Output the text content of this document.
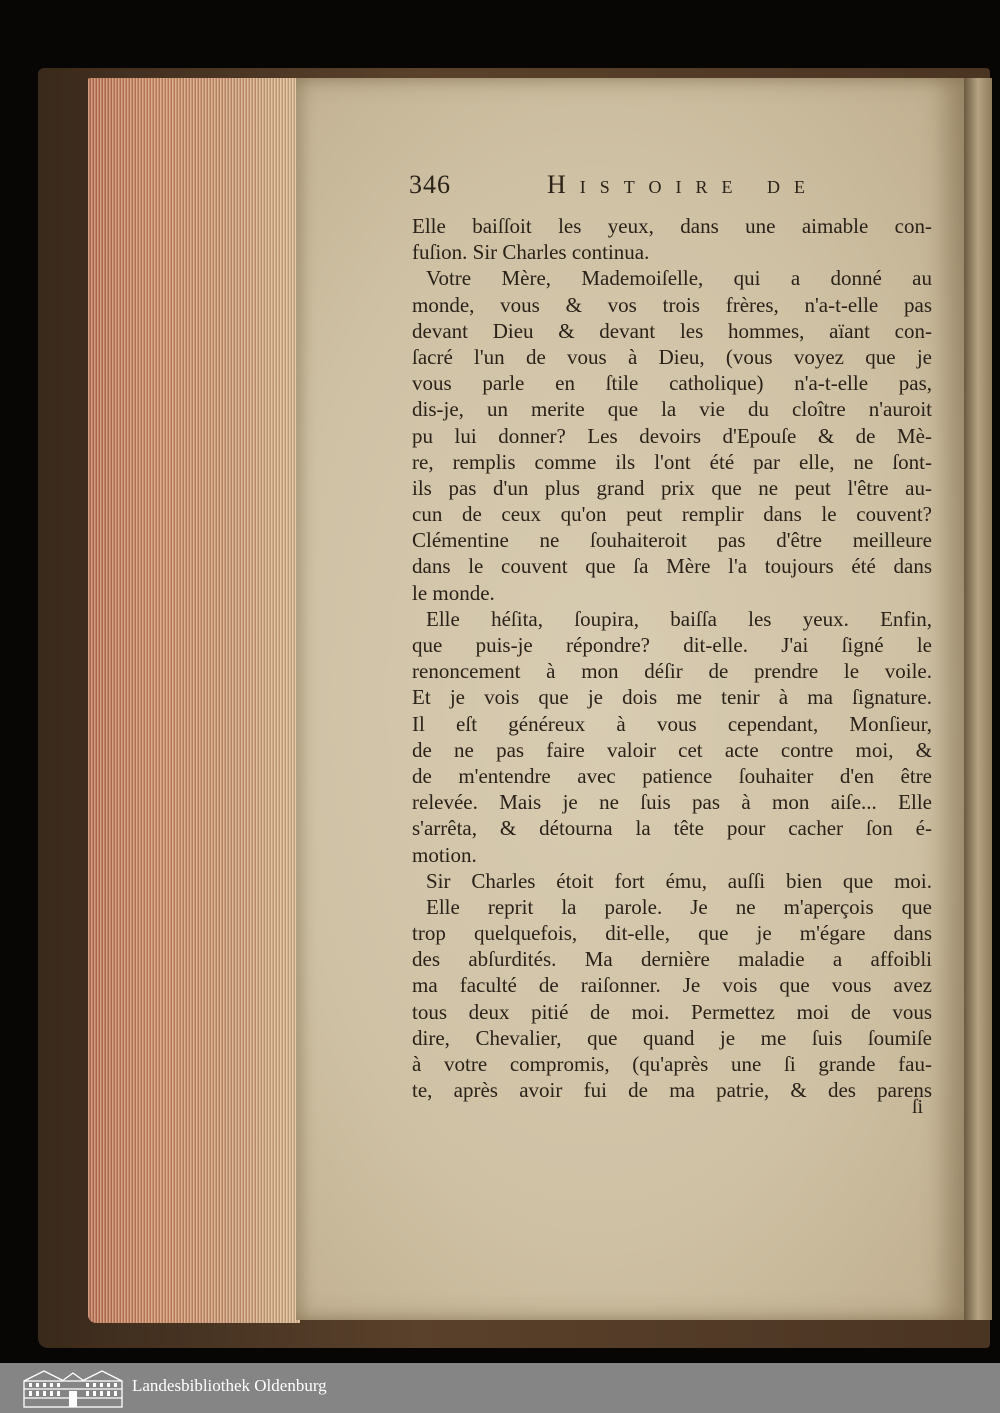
346	Histoire de
Elle baiſſoit les yeux, dans une aimable con-
fuſion. Sir Charles continua.
Votre Mère, Mademoiſelle, qui a donné au
monde, vous & vos trois frères, n'a-t-elle pas
devant Dieu & devant les hommes, aïant con-
ſacré l'un de vous à Dieu, (vous voyez que je
vous parle en ſtile catholique) n'a-t-elle pas,
dis-je, un merite que la vie du cloître n'auroit
pu lui donner? Les devoirs d'Epouſe & de Mè-
re, remplis comme ils l'ont été par elle, ne ſont-
ils pas d'un plus grand prix que ne peut l'être au-
cun de ceux qu'on peut remplir dans le couvent?
Clémentine ne ſouhaiteroit pas d'être meilleure
dans le couvent que ſa Mère l'a toujours été dans
le monde.
Elle héſita, ſoupira, baiſſa les yeux. Enfin,
que puis-je répondre? dit-elle. J'ai ſigné le
renoncement à mon déſir de prendre le voile.
Et je vois que je dois me tenir à ma ſignature.
Il eſt généreux à vous cependant, Monſieur,
de ne pas faire valoir cet acte contre moi, &
de m'entendre avec patience ſouhaiter d'en être
relevée. Mais je ne ſuis pas à mon aiſe... Elle
s'arrêta, & détourna la tête pour cacher ſon é-
motion.
Sir Charles étoit fort ému, auſſi bien que moi.
Elle reprit la parole. Je ne m'aperçois que
trop quelquefois, dit-elle, que je m'égare dans
des abſurdités. Ma dernière maladie a affoibli
ma faculté de raiſonner. Je vois que vous avez
tous deux pitié de moi. Permettez moi de vous
dire, Chevalier, que quand je me ſuis ſoumiſe
à votre compromis, (qu'après une ſi grande fau-
te, après avoir fui de ma patrie, & des parens
ſi
Landesbibliothek Oldenburg
